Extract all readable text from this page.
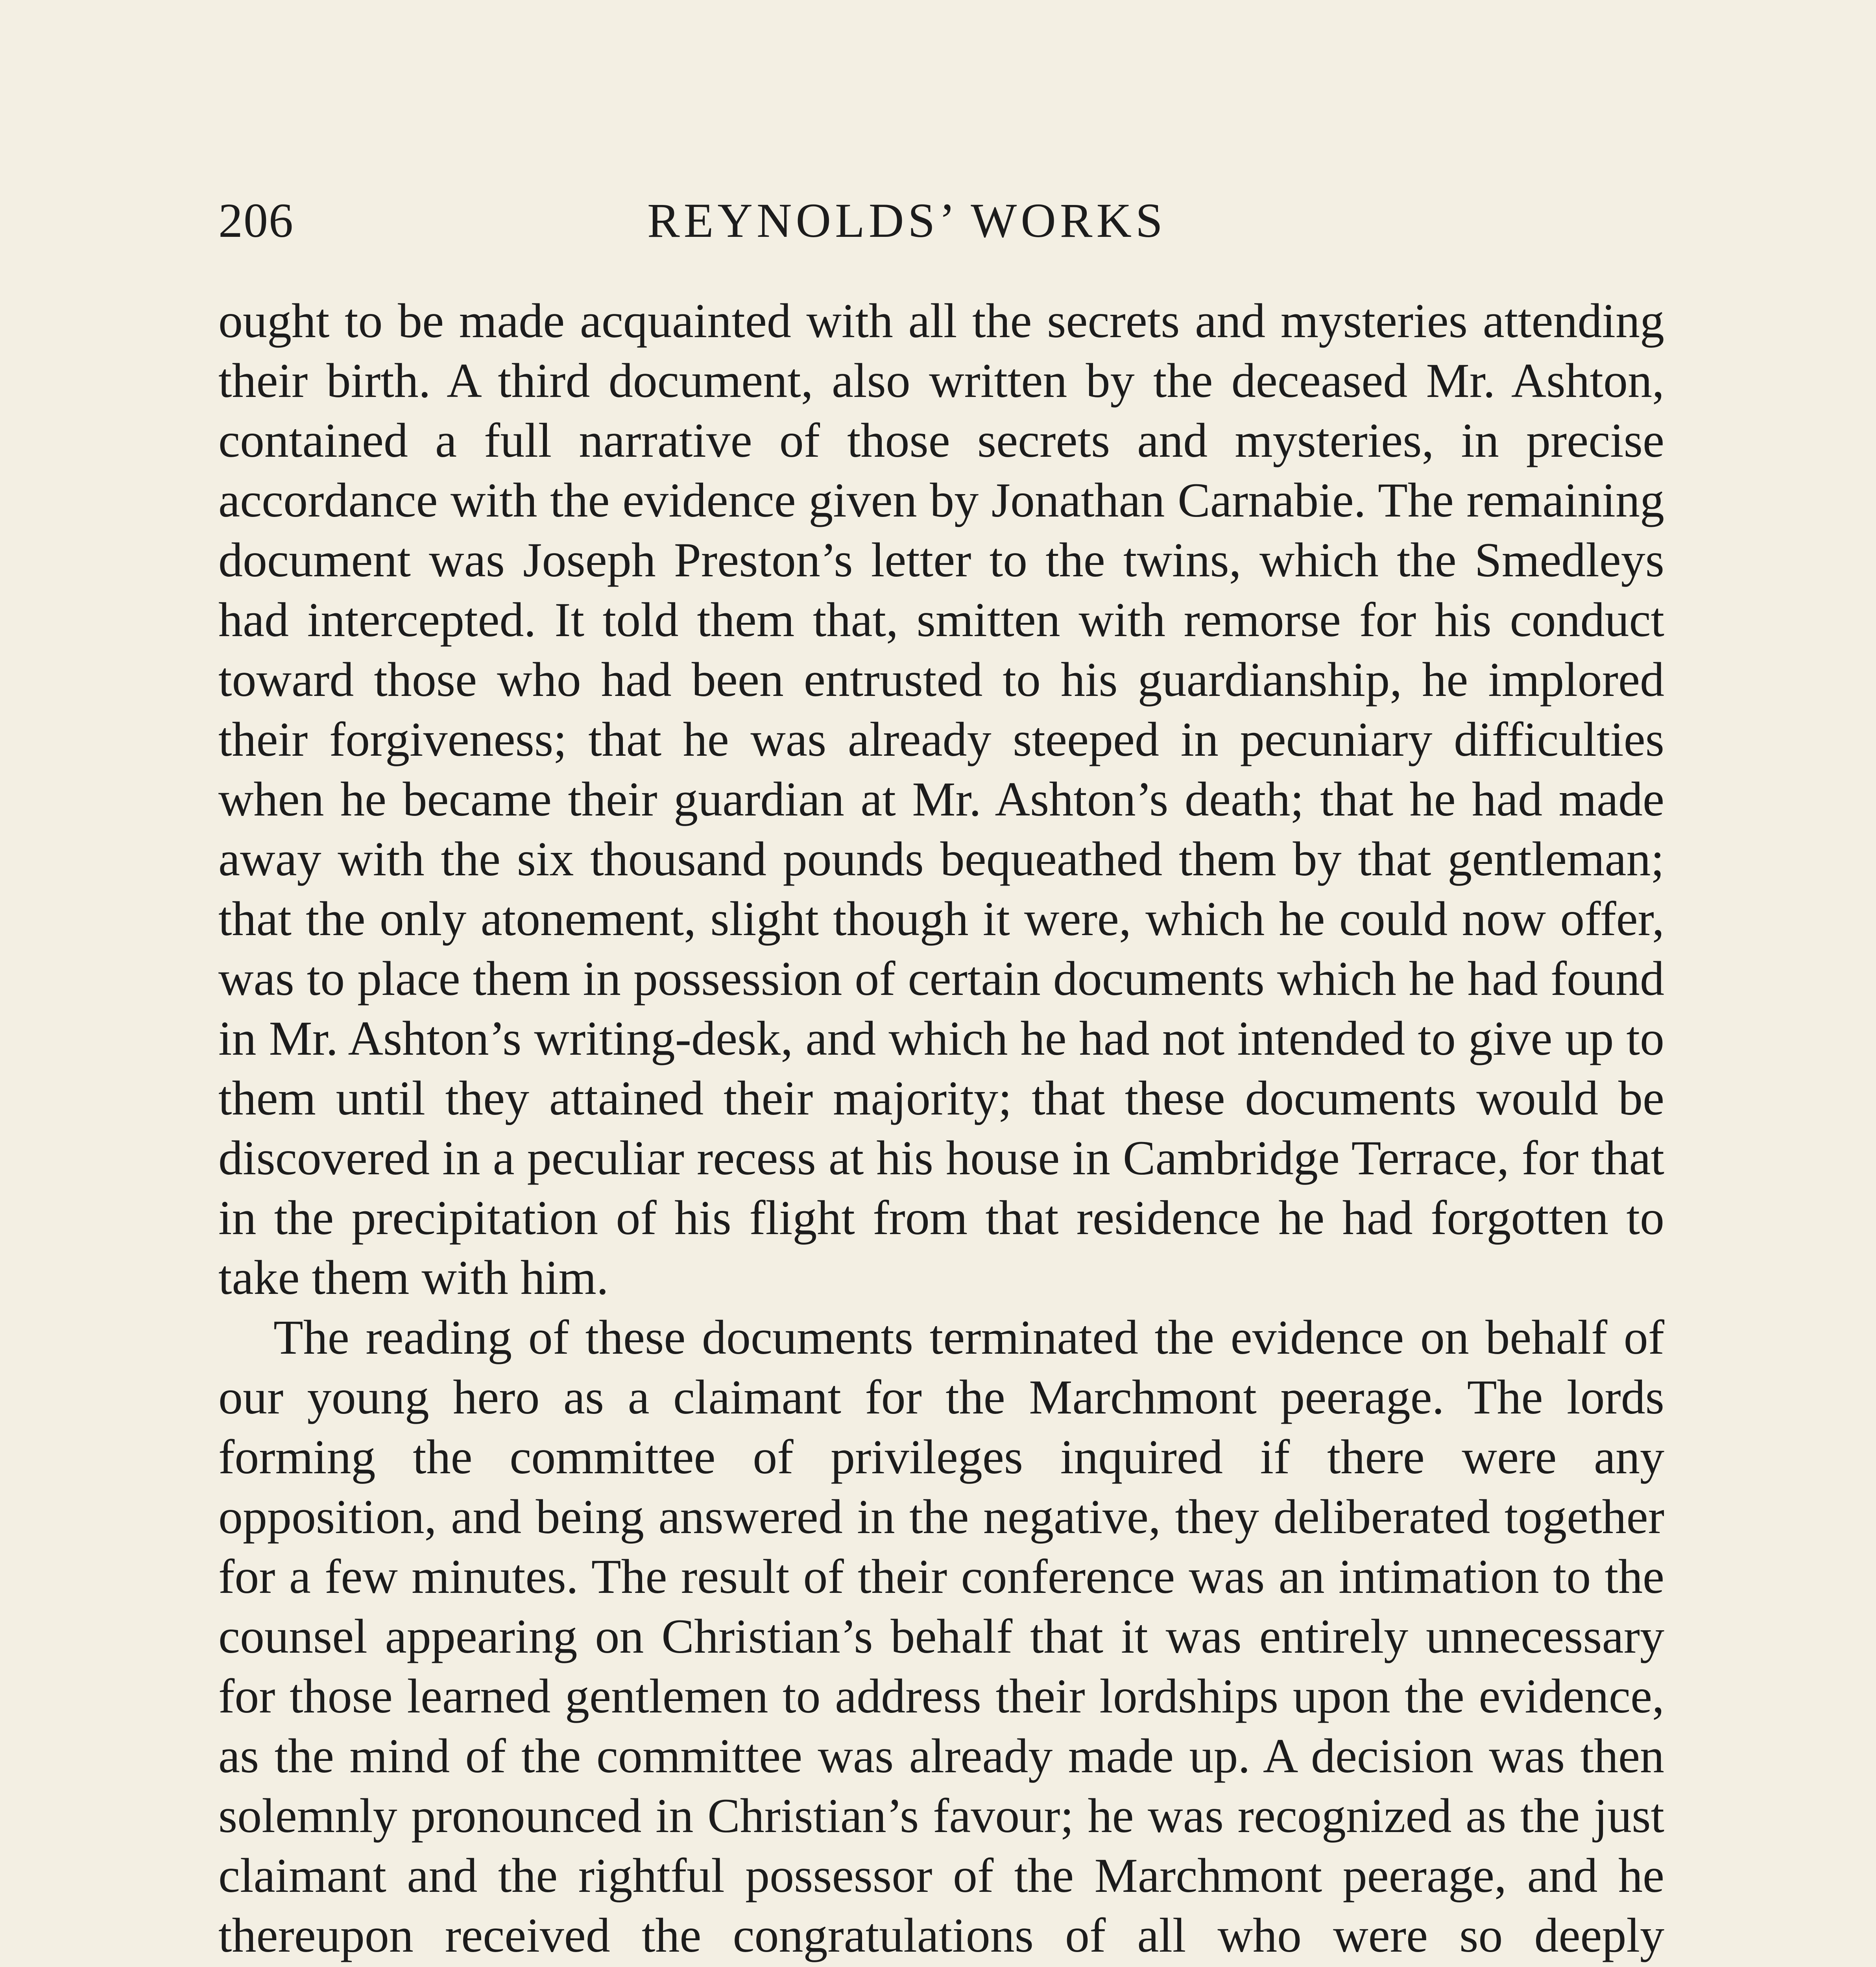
206	REYNOLDS’ WORKS

ought to be made acquainted with all the secrets and mysteries attending their birth. A third document, also written by the deceased Mr. Ashton, contained a full narrative of those secrets and mysteries, in precise accordance with the evidence given by Jonathan Carnabie. The remaining document was Joseph Preston’s letter to the twins, which the Smedleys had intercepted. It told them that, smitten with remorse for his conduct toward those who had been entrusted to his guardianship, he implored their forgiveness; that he was already steeped in pecuniary difficulties when he became their guardian at Mr. Ashton’s death; that he had made away with the six thousand pounds bequeathed them by that gentleman; that the only atonement, slight though it were, which he could now offer, was to place them in possession of certain documents which he had found in Mr. Ashton’s writing-desk, and which he had not intended to give up to them until they attained their majority; that these documents would be discovered in a peculiar recess at his house in Cambridge Terrace, for that in the precipitation of his flight from that residence he had forgotten to take them with him.

The reading of these documents terminated the evidence on behalf of our young hero as a claimant for the Marchmont peerage. The lords forming the committee of privileges inquired if there were any opposition, and being answered in the negative, they deliberated together for a few minutes. The result of their conference was an intimation to the counsel appearing on Christian’s behalf that it was entirely unnecessary for those learned gentlemen to address their lordships upon the evidence, as the mind of the committee was already made up. A decision was then solemnly pronounced in Christian’s favour; he was recognized as the just claimant and the rightful possessor of the Marchmont peerage, and he thereupon received the congratulations of all who were so deeply
